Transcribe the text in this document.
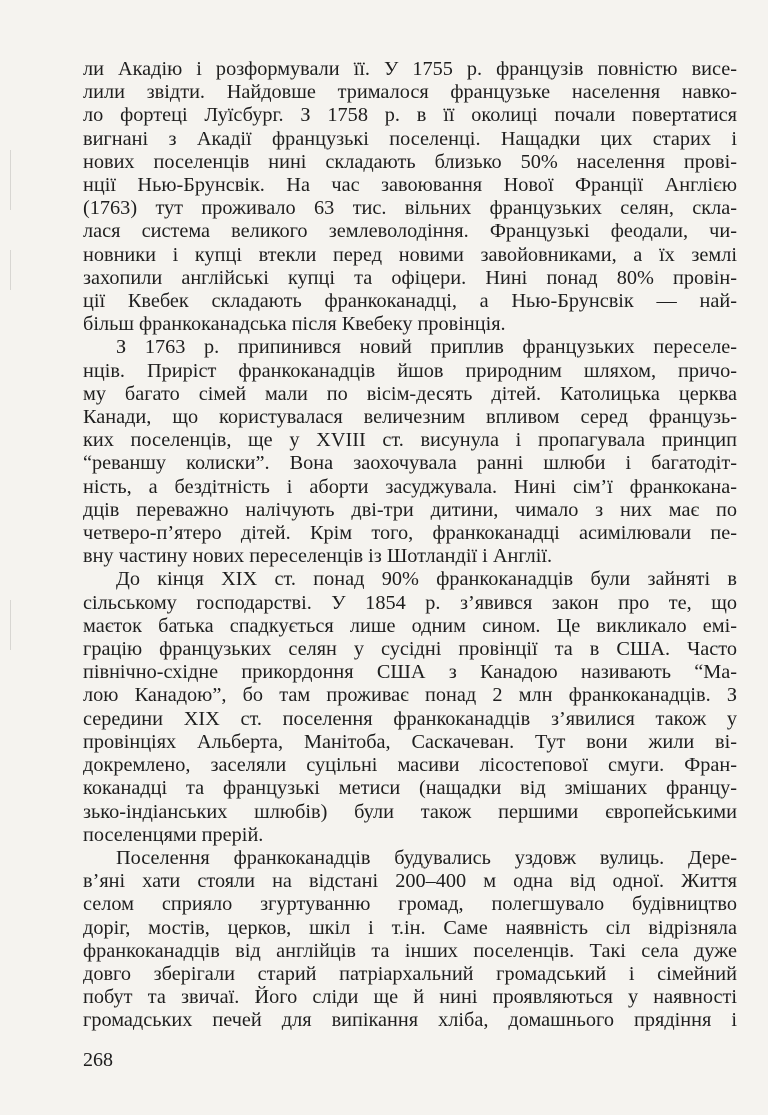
ли Акадію і розформували її. У 1755 р. французів повністю висе-
лили звідти. Найдовше трималося французьке населення навко-
ло фортеці Луїсбург. З 1758 р. в її околиці почали повертатися
вигнані з Акадії французькі поселенці. Нащадки цих старих і
нових поселенців нині складають близько 50% населення прові-
нції Нью-Брунсвік. На час завоювання Нової Франції Англією
(1763) тут проживало 63 тис. вільних французьких селян, скла-
лася система великого землеволодіння. Французькі феодали, чи-
новники і купці втекли перед новими завойовниками, а їх землі
захопили англійські купці та офіцери. Нині понад 80% провін-
ції Квебек складають франкоканадці, а Нью-Брунсвік — най-
більш франкоканадська після Квебеку провінція.
З 1763 р. припинився новий приплив французьких переселе-
нців. Приріст франкоканадців йшов природним шляхом, причо-
му багато сімей мали по вісім-десять дітей. Католицька церква
Канади, що користувалася величезним впливом серед французь-
ких поселенців, ще у XVIII ст. висунула і пропагувала принцип
“реваншу колиски”. Вона заохочувала ранні шлюби і багатодіт-
ність, а бездітність і аборти засуджувала. Нині сім’ї франкокана-
дців переважно налічують дві-три дитини, чимало з них має по
четверо-п’ятеро дітей. Крім того, франкоканадці асимілювали пе-
вну частину нових переселенців із Шотландії і Англії.
До кінця XIX ст. понад 90% франкоканадців були зайняті в
сільському господарстві. У 1854 р. з’явився закон про те, що
маєток батька спадкується лише одним сином. Це викликало емі-
грацію французьких селян у сусідні провінції та в США. Часто
північно-східне прикордоння США з Канадою називають “Ма-
лою Канадою”, бо там проживає понад 2 млн франкоканадців. З
середини XIX ст. поселення франкоканадців з’явилися також у
провінціях Альберта, Манітоба, Саскачеван. Тут вони жили ві-
докремлено, заселяли суцільні масиви лісостепової смуги. Фран-
коканадці та французькі метиси (нащадки від змішаних францу-
зько-індіанських шлюбів) були також першими європейськими
поселенцями прерій.
Поселення франкоканадців будувались уздовж вулиць. Дере-
в’яні хати стояли на відстані 200–400 м одна від одної. Життя
селом сприяло згуртуванню громад, полегшувало будівництво
доріг, мостів, церков, шкіл і т.ін. Саме наявність сіл відрізняла
франкоканадців від англійців та інших поселенців. Такі села дуже
довго зберігали старий патріархальний громадський і сімейний
побут та звичаї. Його сліди ще й нині проявляються у наявності
громадських печей для випікання хліба, домашнього прядіння і
268
